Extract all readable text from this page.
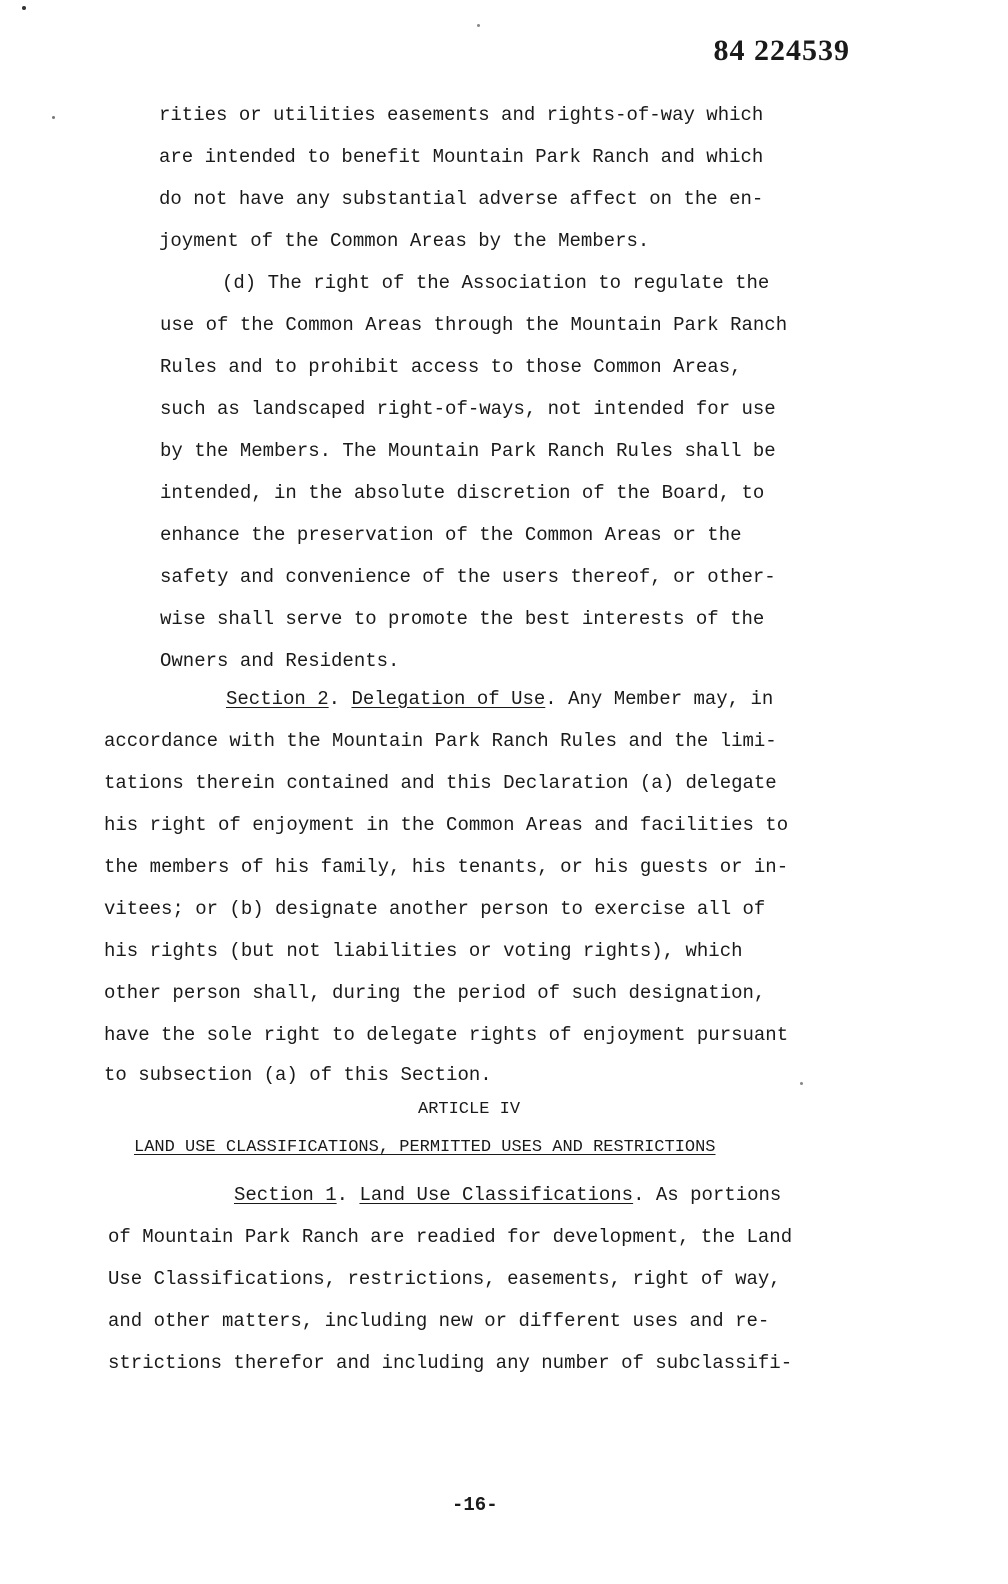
84 224539
rities or utilities easements and rights-of-way which
are intended to benefit Mountain Park Ranch and which
do not have any substantial adverse affect on the en-
joyment of the Common Areas by the Members.
(d) The right of the Association to regulate the
use of the Common Areas through the Mountain Park Ranch
Rules and to prohibit access to those Common Areas,
such as landscaped right-of-ways, not intended for use
by the Members. The Mountain Park Ranch Rules shall be
intended, in the absolute discretion of the Board, to
enhance the preservation of the Common Areas or the
safety and convenience of the users thereof, or other-
wise shall serve to promote the best interests of the
Owners and Residents.
Section 2. Delegation of Use. Any Member may, in
accordance with the Mountain Park Ranch Rules and the limi-
tations therein contained and this Declaration (a) delegate
his right of enjoyment in the Common Areas and facilities to
the members of his family, his tenants, or his guests or in-
vitees; or (b) designate another person to exercise all of
his rights (but not liabilities or voting rights), which
other person shall, during the period of such designation,
have the sole right to delegate rights of enjoyment pursuant
to subsection (a) of this Section.
ARTICLE IV
LAND USE CLASSIFICATIONS, PERMITTED USES AND RESTRICTIONS
Section 1. Land Use Classifications. As portions
of Mountain Park Ranch are readied for development, the Land
Use Classifications, restrictions, easements, right of way,
and other matters, including new or different uses and re-
strictions therefor and including any number of subclassifi-
-16-
